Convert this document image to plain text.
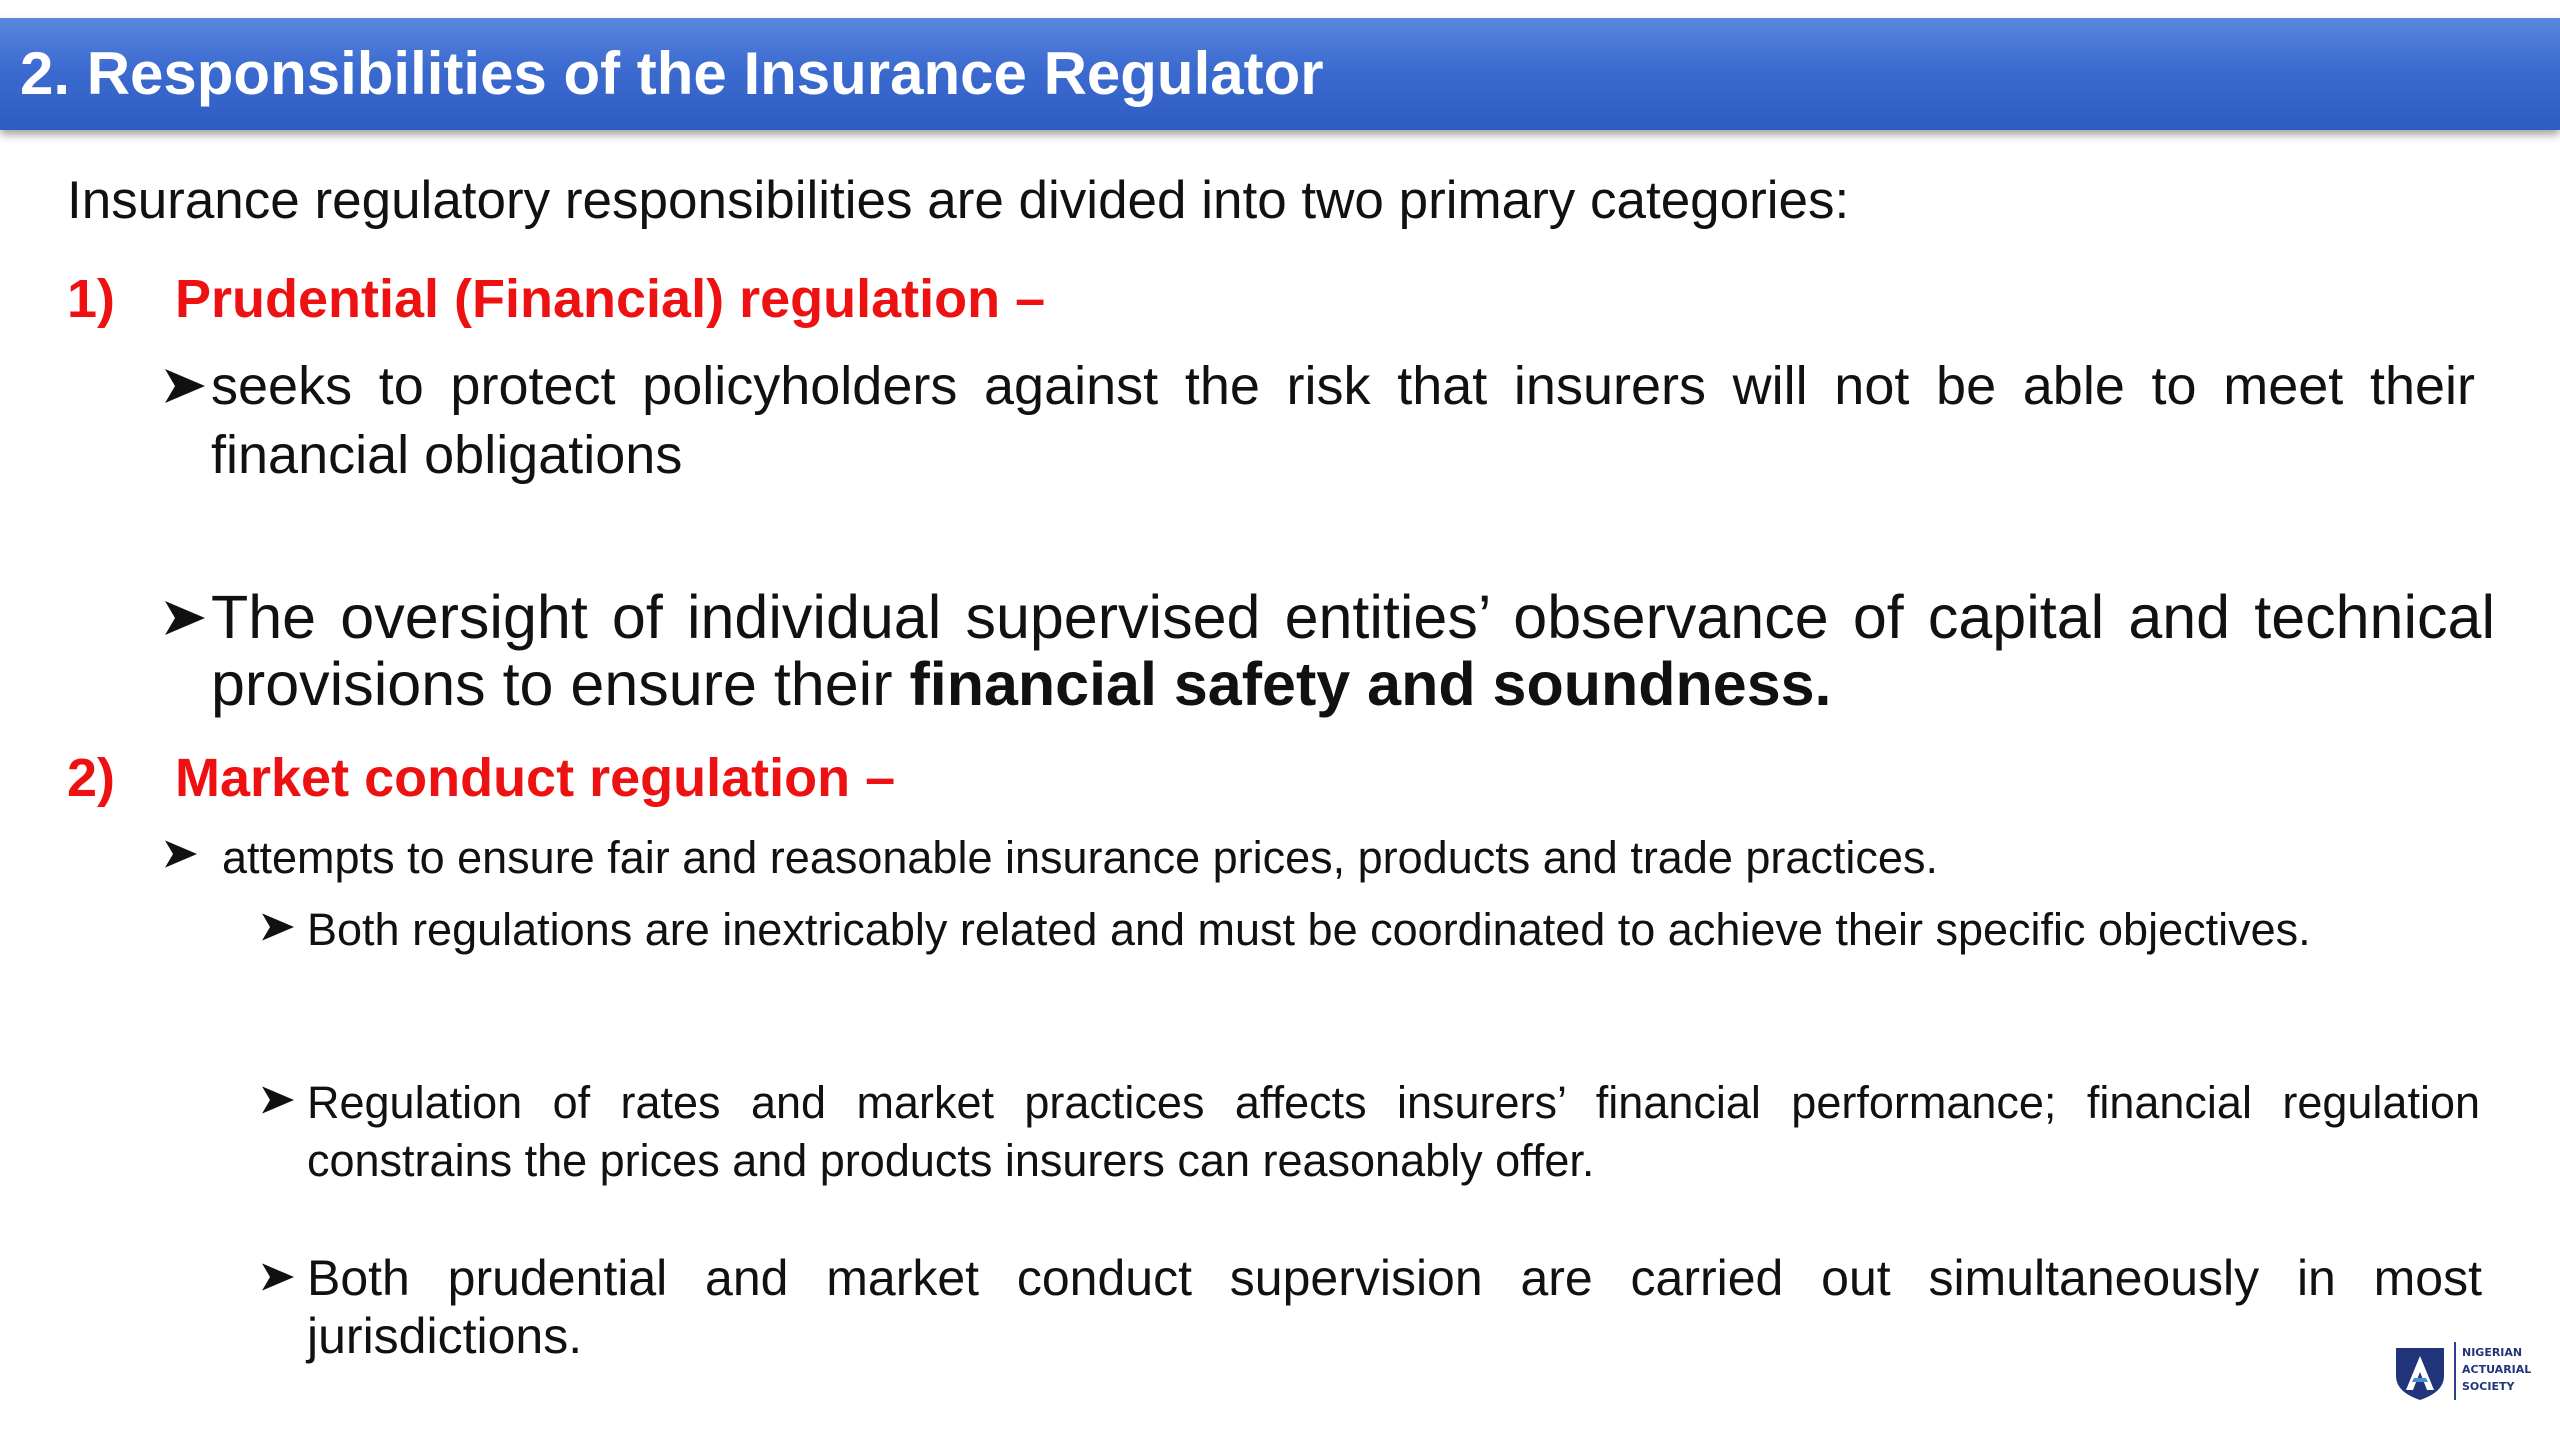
2. Responsibilities of the Insurance Regulator
Insurance regulatory responsibilities are divided into two primary categories:
1) Prudential (Financial) regulation –
seeks to protect policyholders against the risk that insurers will not be able to meet their financial obligations
The oversight of individual supervised entities’ observance of capital and technical provisions to ensure their financial safety and soundness.
2) Market conduct regulation –
attempts to ensure fair and reasonable insurance prices, products and trade practices.
Both regulations are inextricably related and must be coordinated to achieve their specific objectives.
Regulation of rates and market practices affects insurers’ financial performance; financial regulation constrains the prices and products insurers can reasonably offer.
Both prudential and market conduct supervision are carried out simultaneously in most jurisdictions.	NIGERIAN
ACTUARIAL
SOCIETY
